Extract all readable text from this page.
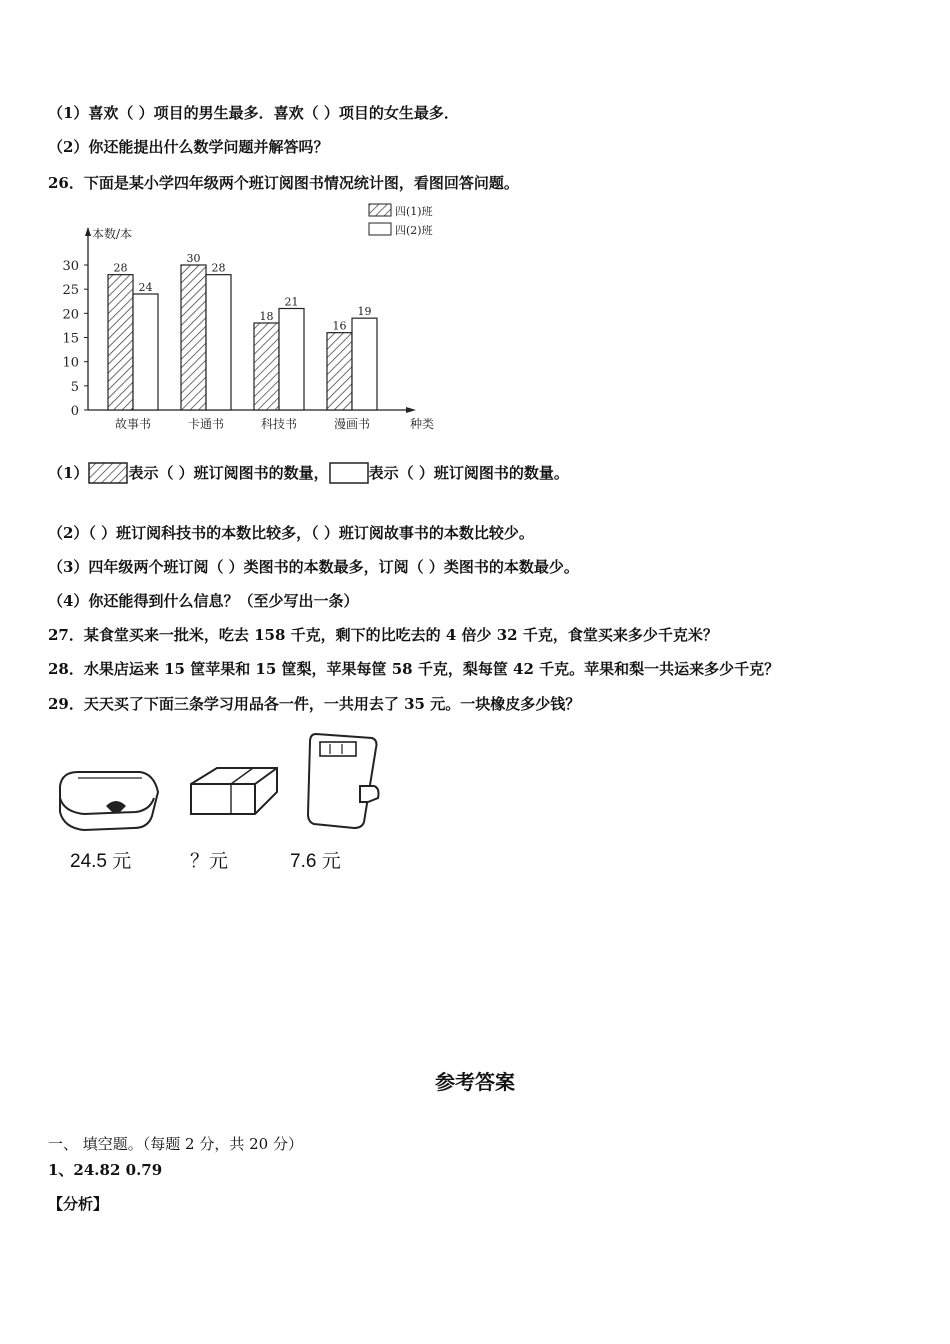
（1）喜欢（ ）项目的男生最多．喜欢（ ）项目的女生最多．
（2）你还能提出什么数学问题并解答吗？
26．下面是某小学四年级两个班订阅图书情况统计图，看图回答问题。
本数/本
0
5
10
15
20
25
30	28
24
故事书
30
28
卡通书
18
21
科技书
16
19
漫画书	种类
四(1)班
四(2)班
（1）	表示（ ）班订阅图书的数量，	表示（ ）班订阅图书的数量。
（2）（ ）班订阅科技书的本数比较多，（ ）班订阅故事书的本数比较少。
（3）四年级两个班订阅（ ）类图书的本数最多，订阅（ ）类图书的本数最少。
（4）你还能得到什么信息？（至少写出一条）
27．某食堂买来一批米，吃去 158 千克，剩下的比吃去的 4 倍少 32 千克，食堂买来多少千克米？
28．水果店运来 15 筐苹果和 15 筐梨，苹果每筐 58 千克，梨每筐 42 千克。苹果和梨一共运来多少千克？
29．天天买了下面三条学习用品各一件，一共用去了 35 元。一块橡皮多少钱？
24.5 元	？元	7.6 元
参考答案
一、 填空题。（每题 2 分，共 20 分）
1、24.82 0.79
【分析】
